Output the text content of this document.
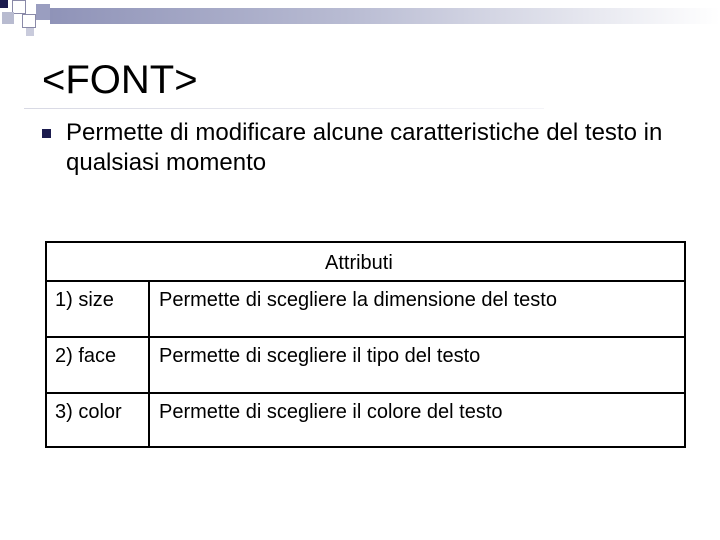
<FONT>
Permette di modificare alcune caratteristiche del testo in qualsiasi momento
Attributi
1) size Permette di scegliere la dimensione del testo
2) face Permette di scegliere il tipo del testo
3) color Permette di scegliere il colore del testo
